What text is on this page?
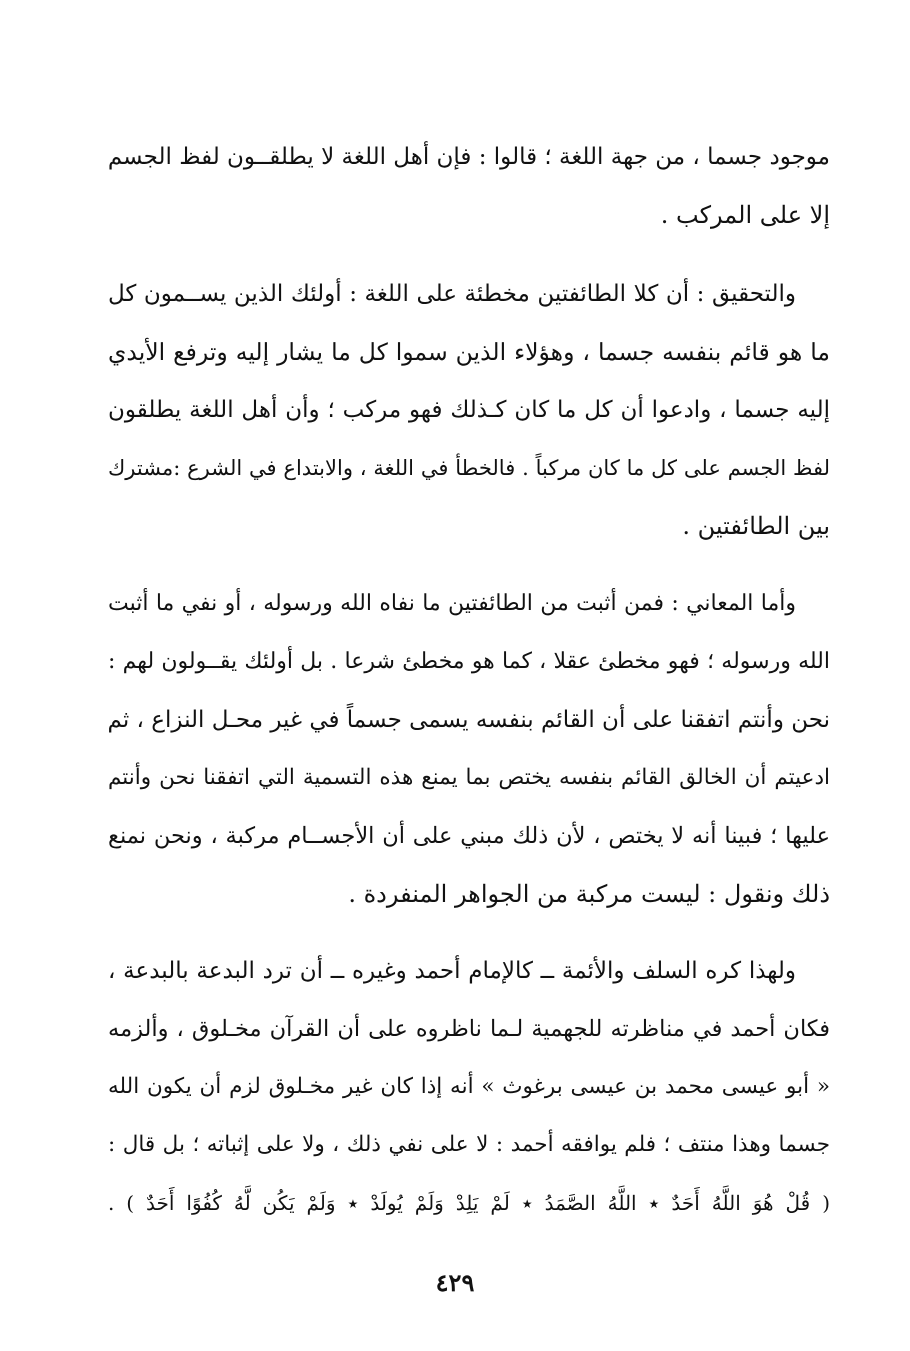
موجود جسما ، من جهة اللغة ؛ قالوا : فإن أهل اللغة لا يطلقــون لفظ الجسم
إلا على المركب .
والتحقيق : أن كلا الطائفتين مخطئة على اللغة : أولئك الذين يســمون كل
ما هو قائم بنفسه جسما ، وهؤلاء الذين سموا كل ما يشار إليه وترفع الأيدي
إليه جسما ، وادعوا أن كل ما كان كـذلك فهو مركب ؛ وأن أهل اللغة يطلقون
لفظ الجسم على كل ما كان مركباً . فالخطأ في اللغة ، والابتداع في الشرع :مشترك
بين الطائفتين .
وأما المعاني : فمن أثبت من الطائفتين ما نفاه الله ورسوله ، أو نفي ما أثبت
الله ورسوله ؛ فهو مخطئ عقلا ، كما هو مخطئ شرعا . بل أولئك يقــولون لهم :
نحن وأنتم اتفقنا على أن القائم بنفسه يسمى جسماً في غير محـل النزاع ، ثم
ادعيتم أن الخالق القائم بنفسه يختص بما يمنع هذه التسمية التي اتفقنا نحن وأنتم
عليها ؛ فبينا أنه لا يختص ، لأن ذلك مبني على أن الأجســام مركبة ، ونحن نمنع
ذلك ونقول : ليست مركبة من الجواهر المنفردة .
ولهذا كره السلف والأئمة ــ كالإمام أحمد وغيره ــ أن ترد البدعة بالبدعة ،
فكان أحمد في مناظرته للجهمية لـما ناظروه على أن القرآن مخـلوق ، وألزمه
« أبو عيسى محمد بن عيسى برغوث » أنه إذا كان غير مخـلوق لزم أن يكون الله
جسما وهذا منتف ؛ فلم يوافقه أحمد : لا على نفي ذلك ، ولا على إثباته ؛ بل قال :
( قُلْ هُوَ اللَّهُ أَحَدٌ ٭ اللَّهُ الصَّمَدُ ٭ لَمْ يَلِدْ وَلَمْ يُولَدْ ٭ وَلَمْ يَكُن لَّهُ كُفُوًا أَحَدٌ ) .
٤٢٩
